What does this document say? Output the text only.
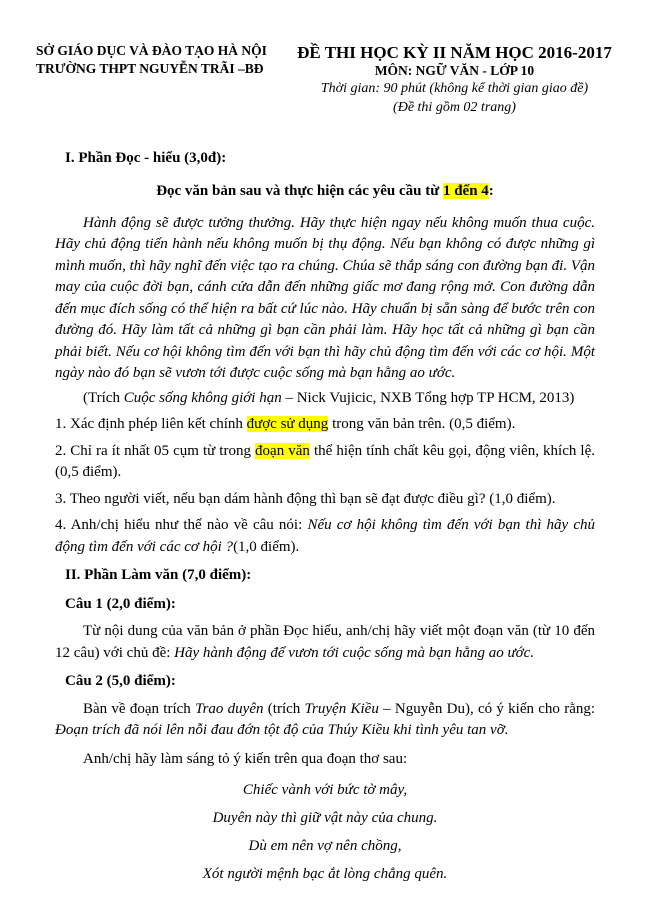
SỞ GIÁO DỤC VÀ ĐÀO TẠO HÀ NỘI
TRƯỜNG THPT NGUYỄN TRÃI –BĐ
ĐỀ THI HỌC KỲ II NĂM HỌC 2016-2017
MÔN: NGỮ VĂN - LỚP 10
Thời gian: 90 phút (không kể thời gian giao đề)
(Đề thi gồm 02 trang)

I. Phần Đọc - hiểu (3,0đ):

Đọc văn bản sau và thực hiện các yêu cầu từ 1 đến 4:

Hành động sẽ được tưởng thưởng. Hãy thực hiện ngay nếu không muốn thua cuộc. Hãy chủ động tiến hành nếu không muốn bị thụ động. Nếu bạn không có được những gì mình muốn, thì hãy nghĩ đến việc tạo ra chúng. Chúa sẽ thắp sáng con đường bạn đi. Vận may của cuộc đời bạn, cánh cửa dẫn đến những giấc mơ đang rộng mở. Con đường dẫn đến mục đích sống có thể hiện ra bất cứ lúc nào. Hãy chuẩn bị sẵn sàng để bước trên con đường đó. Hãy làm tất cả những gì bạn cần phải làm. Hãy học tất cả những gì bạn cần phải biết. Nếu cơ hội không tìm đến với bạn thì hãy chủ động tìm đến với các cơ hội. Một ngày nào đó bạn sẽ vươn tới được cuộc sống mà bạn hằng ao ước.

(Trích Cuộc sống không giới hạn – Nick Vujicic, NXB Tổng hợp TP HCM, 2013)

1. Xác định phép liên kết chính được sử dụng trong văn bản trên. (0,5 điểm).

2. Chỉ ra ít nhất 05 cụm từ trong đoạn văn thể hiện tính chất kêu gọi, động viên, khích lệ. (0,5 điểm).

3. Theo người viết, nếu bạn dám hành động thì bạn sẽ đạt được điều gì? (1,0 điểm).

4. Anh/chị hiểu như thế nào về câu nói: Nếu cơ hội không tìm đến với bạn thì hãy chủ động tìm đến với các cơ hội ?(1,0 điểm).

II. Phần Làm văn (7,0 điểm):

Câu 1 (2,0 điểm):

Từ nội dung của văn bản ở phần Đọc hiểu, anh/chị hãy viết một đoạn văn (từ 10 đến 12 câu) với chủ đề: Hãy hành động để vươn tới cuộc sống mà bạn hằng ao ước.

Câu 2 (5,0 điểm):

Bàn về đoạn trích Trao duyên (trích Truyện Kiều – Nguyễn Du), có ý kiến cho rằng: Đoạn trích đã nói lên nỗi đau đớn tột độ của Thúy Kiều khi tình yêu tan vỡ.

Anh/chị hãy làm sáng tỏ ý kiến trên qua đoạn thơ sau:

Chiếc vành với bức tờ mây,
Duyên này thì giữ vật này của chung.
Dù em nên vợ nên chồng,
Xót người mệnh bạc ắt lòng chẳng quên.
